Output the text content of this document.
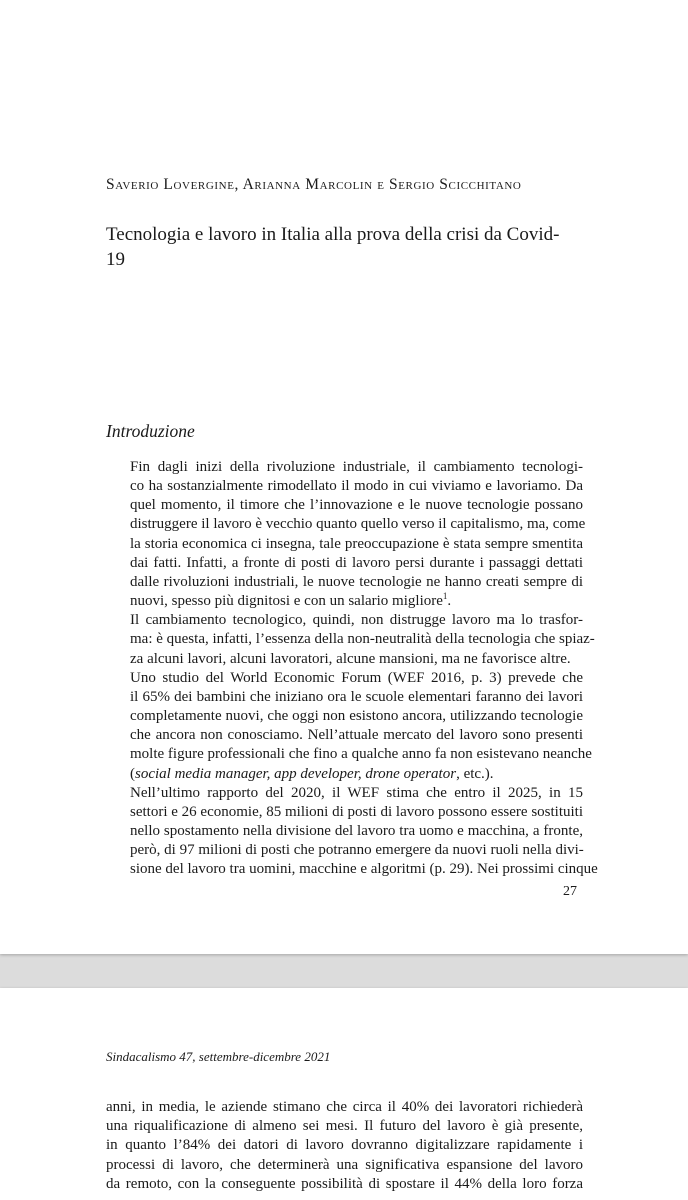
Saverio Lovergine, Arianna Marcolin e Sergio Scicchitano
Tecnologia e lavoro in Italia alla prova della crisi da Covid-19
Introduzione

Fin dagli inizi della rivoluzione industriale, il cambiamento tecnologi-
co ha sostanzialmente rimodellato il modo in cui viviamo e lavoriamo. Da
quel momento, il timore che l’innovazione e le nuove tecnologie possano
distruggere il lavoro è vecchio quanto quello verso il capitalismo, ma, come
la storia economica ci insegna, tale preoccupazione è stata sempre smentita
dai fatti. Infatti, a fronte di posti di lavoro persi durante i passaggi dettati
dalle rivoluzioni industriali, le nuove tecnologie ne hanno creati sempre di
nuovi, spesso più dignitosi e con un salario migliore$^1$.

Il cambiamento tecnologico, quindi, non distrugge lavoro ma lo trasfor-
ma: è questa, infatti, l’essenza della non-neutralità della tecnologia che spiaz-
za alcuni lavori, alcuni lavoratori, alcune mansioni, ma ne favorisce altre.

Uno studio del World Economic Forum (WEF 2016, p. 3) prevede che
il 65% dei bambini che iniziano ora le scuole elementari faranno dei lavori
completamente nuovi, che oggi non esistono ancora, utilizzando tecnologie
che ancora non conosciamo. Nell’attuale mercato del lavoro sono presenti
molte figure professionali che fino a qualche anno fa non esistevano neanche
(social media manager, app developer, drone operator, etc.).

Nell’ultimo rapporto del 2020, il WEF stima che entro il 2025, in 15
settori e 26 economie, 85 milioni di posti di lavoro possono essere sostituiti
nello spostamento nella divisione del lavoro tra uomo e macchina, a fronte,
però, di 97 milioni di posti che potranno emergere da nuovi ruoli nella divi-
sione del lavoro tra uomini, macchine e algoritmi (p. 29). Nei prossimi cinque

27
Sindacalismo 47, settembre-dicembre 2021
anni, in media, le aziende stimano che circa il 40% dei lavoratori richiederà
una riqualificazione di almeno sei mesi. Il futuro del lavoro è già presente,
in quanto l’84% dei datori di lavoro dovranno digitalizzare rapidamente i
processi di lavoro, che determinerà una significativa espansione del lavoro
da remoto, con la conseguente possibilità di spostare il 44% della loro forza
